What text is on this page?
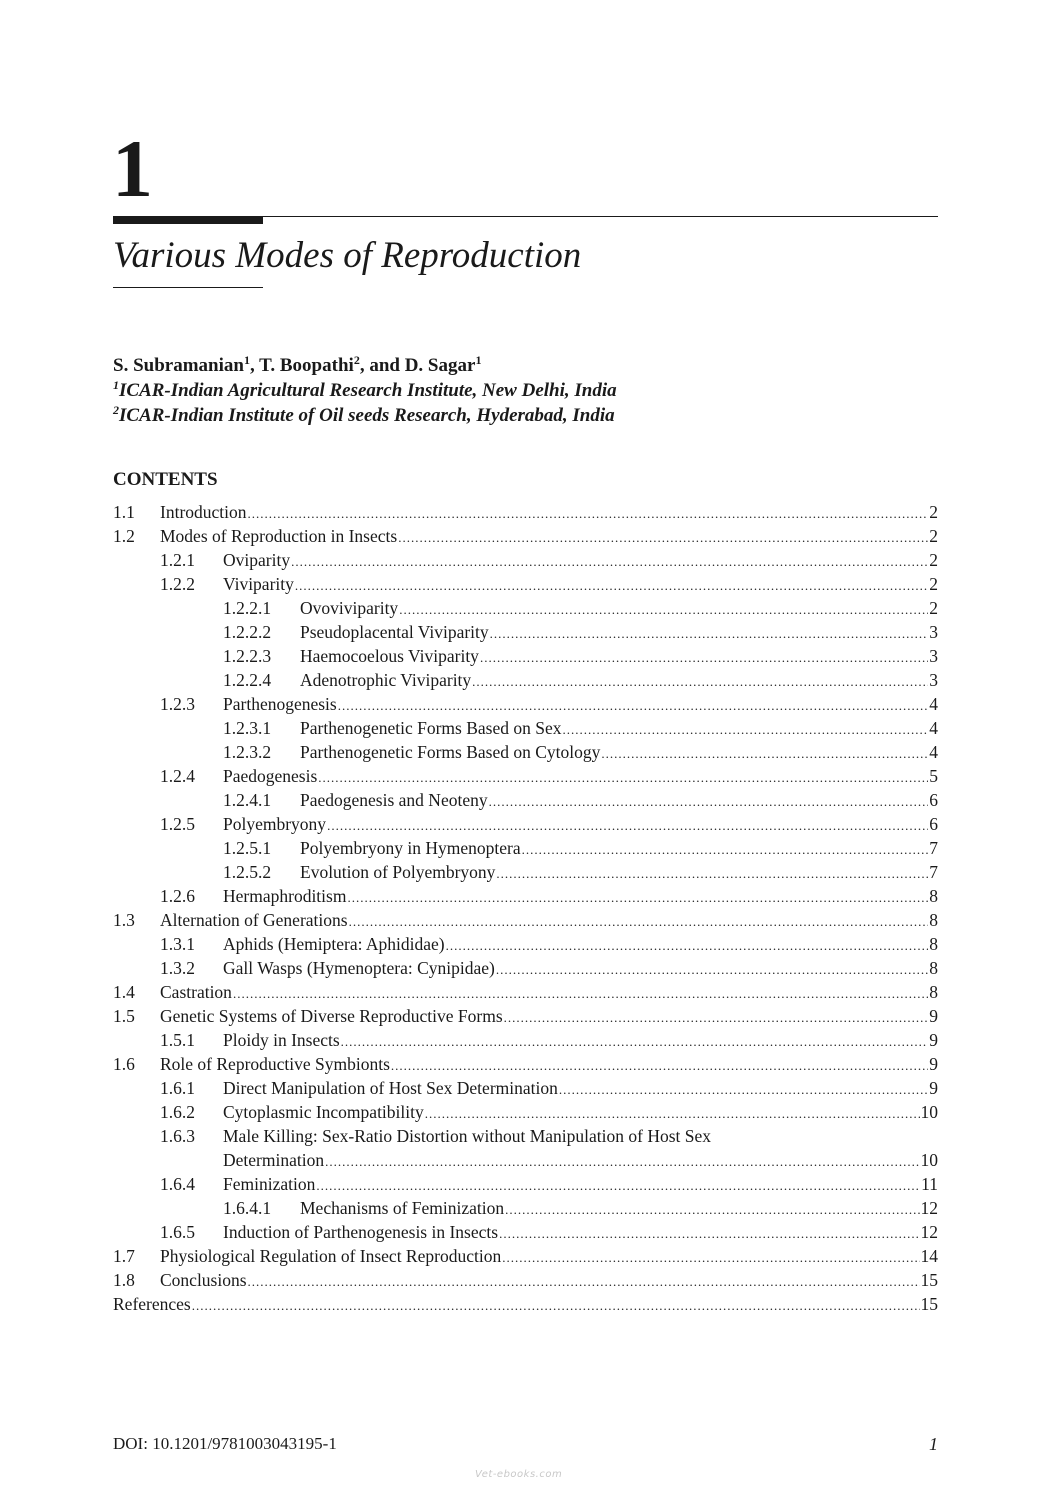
1
Various Modes of Reproduction
S. Subramanian$^1$, T. Boopathi$^2$, and D. Sagar$^1$
$^1$ICAR-Indian Agricultural Research Institute, New Delhi, India
$^2$ICAR-Indian Institute of Oil seeds Research, Hyderabad, India
CONTENTS
1.1 Introduction .....	2
1.2 Modes of Reproduction in Insects .....	2
1.2.1 Oviparity .....	2
1.2.2 Viviparity .....	2
1.2.2.1 Ovoviviparity .....	2
1.2.2.2 Pseudoplacental Viviparity .....	3
1.2.2.3 Haemocoelous Viviparity .....	3
1.2.2.4 Adenotrophic Viviparity .....	3
1.2.3 Parthenogenesis .....	4
1.2.3.1 Parthenogenetic Forms Based on Sex .....	4
1.2.3.2 Parthenogenetic Forms Based on Cytology .....	4
1.2.4 Paedogenesis .....	5
1.2.4.1 Paedogenesis and Neoteny .....	6
1.2.5 Polyembryony .....	6
1.2.5.1 Polyembryony in Hymenoptera .....	7
1.2.5.2 Evolution of Polyembryony .....	7
1.2.6 Hermaphroditism .....	8
1.3 Alternation of Generations .....	8
1.3.1 Aphids (Hemiptera: Aphididae) .....	8
1.3.2 Gall Wasps (Hymenoptera: Cynipidae) .....	8
1.4 Castration .....	8
1.5 Genetic Systems of Diverse Reproductive Forms .....	9
1.5.1 Ploidy in Insects .....	9
1.6 Role of Reproductive Symbionts .....	9
1.6.1 Direct Manipulation of Host Sex Determination .....	9
1.6.2 Cytoplasmic Incompatibility .....	10
1.6.3 Male Killing: Sex-Ratio Distortion without Manipulation of Host Sex
Determination .....	10
1.6.4 Feminization .....	11
1.6.4.1 Mechanisms of Feminization .....	12
1.6.5 Induction of Parthenogenesis in Insects .....	12
1.7 Physiological Regulation of Insect Reproduction .....	14
1.8 Conclusions .....	15
References .....	15
DOI: 10.1201/9781003043195-1	1
Vet-ebooks.com
